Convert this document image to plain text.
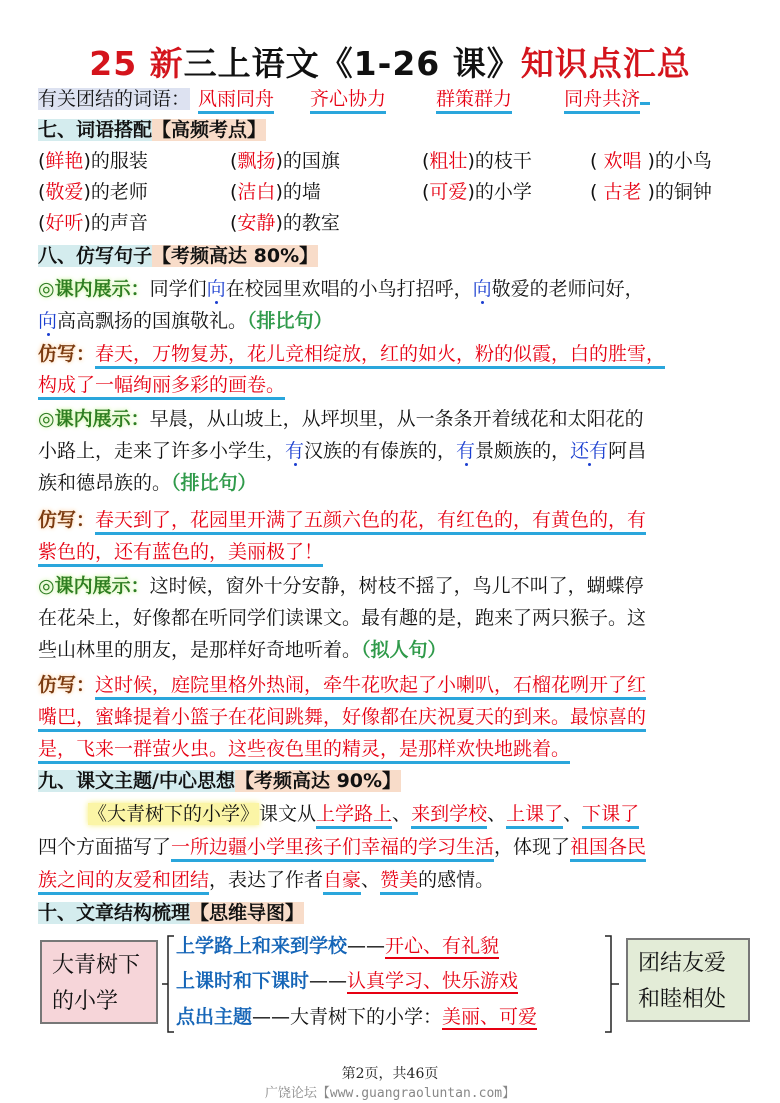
25 新三上语文《1-26 课》知识点汇总
有关团结的词语： 风雨同舟 齐心协力	群策群力	同舟共济
七、词语搭配【高频考点】
(鲜艳)的服装	(飘扬)的国旗	(粗壮)的枝干	( 欢唱 )的小鸟
(敬爱)的老师	(洁白)的墙	(可爱)的小学	( 古老 )的铜钟
(好听)的声音	(安静)的教室
八、仿写句子【考频高达 80%】
◎课内展示：同学们向在校园里欢唱的小鸟打招呼，向敬爱的老师问好，
向高高飘扬的国旗敬礼。（排比句）
仿写：春天，万物复苏，花儿竞相绽放，红的如火，粉的似霞，白的胜雪，
构成了一幅绚丽多彩的画卷。
◎课内展示：早晨，从山坡上，从坪坝里，从一条条开着绒花和太阳花的
小路上，走来了许多小学生，有汉族的有傣族的，有景颇族的，还有阿昌
族和德昂族的。（排比句）
仿写：春天到了，花园里开满了五颜六色的花，有红色的，有黄色的，有
紫色的，还有蓝色的，美丽极了！
◎课内展示：这时候，窗外十分安静，树枝不摇了，鸟儿不叫了，蝴蝶停
在花朵上，好像都在听同学们读课文。最有趣的是，跑来了两只猴子。这
些山林里的朋友，是那样好奇地听着。（拟人句）
仿写：这时候，庭院里格外热闹，牵牛花吹起了小喇叭，石榴花咧开了红
嘴巴，蜜蜂提着小篮子在花间跳舞，好像都在庆祝夏天的到来。最惊喜的
是，飞来一群萤火虫。这些夜色里的精灵，是那样欢快地跳着。
九、课文主题/中心思想【考频高达 90%】
《大青树下的小学》课文从上学路上、来到学校、上课了、下课了
四个方面描写了一所边疆小学里孩子们幸福的学习生活，体现了祖国各民
族之间的友爱和团结，表达了作者自豪、赞美的感情。
十、文章结构梳理【思维导图】
大青树下
的小学
上学路上和来到学校——开心、有礼貌
上课时和下课时——认真学习、快乐游戏
点出主题——大青树下的小学：美丽、可爱
团结友爱
和睦相处
第2页，共46页
广饶论坛【www.guangraoluntan.com】
